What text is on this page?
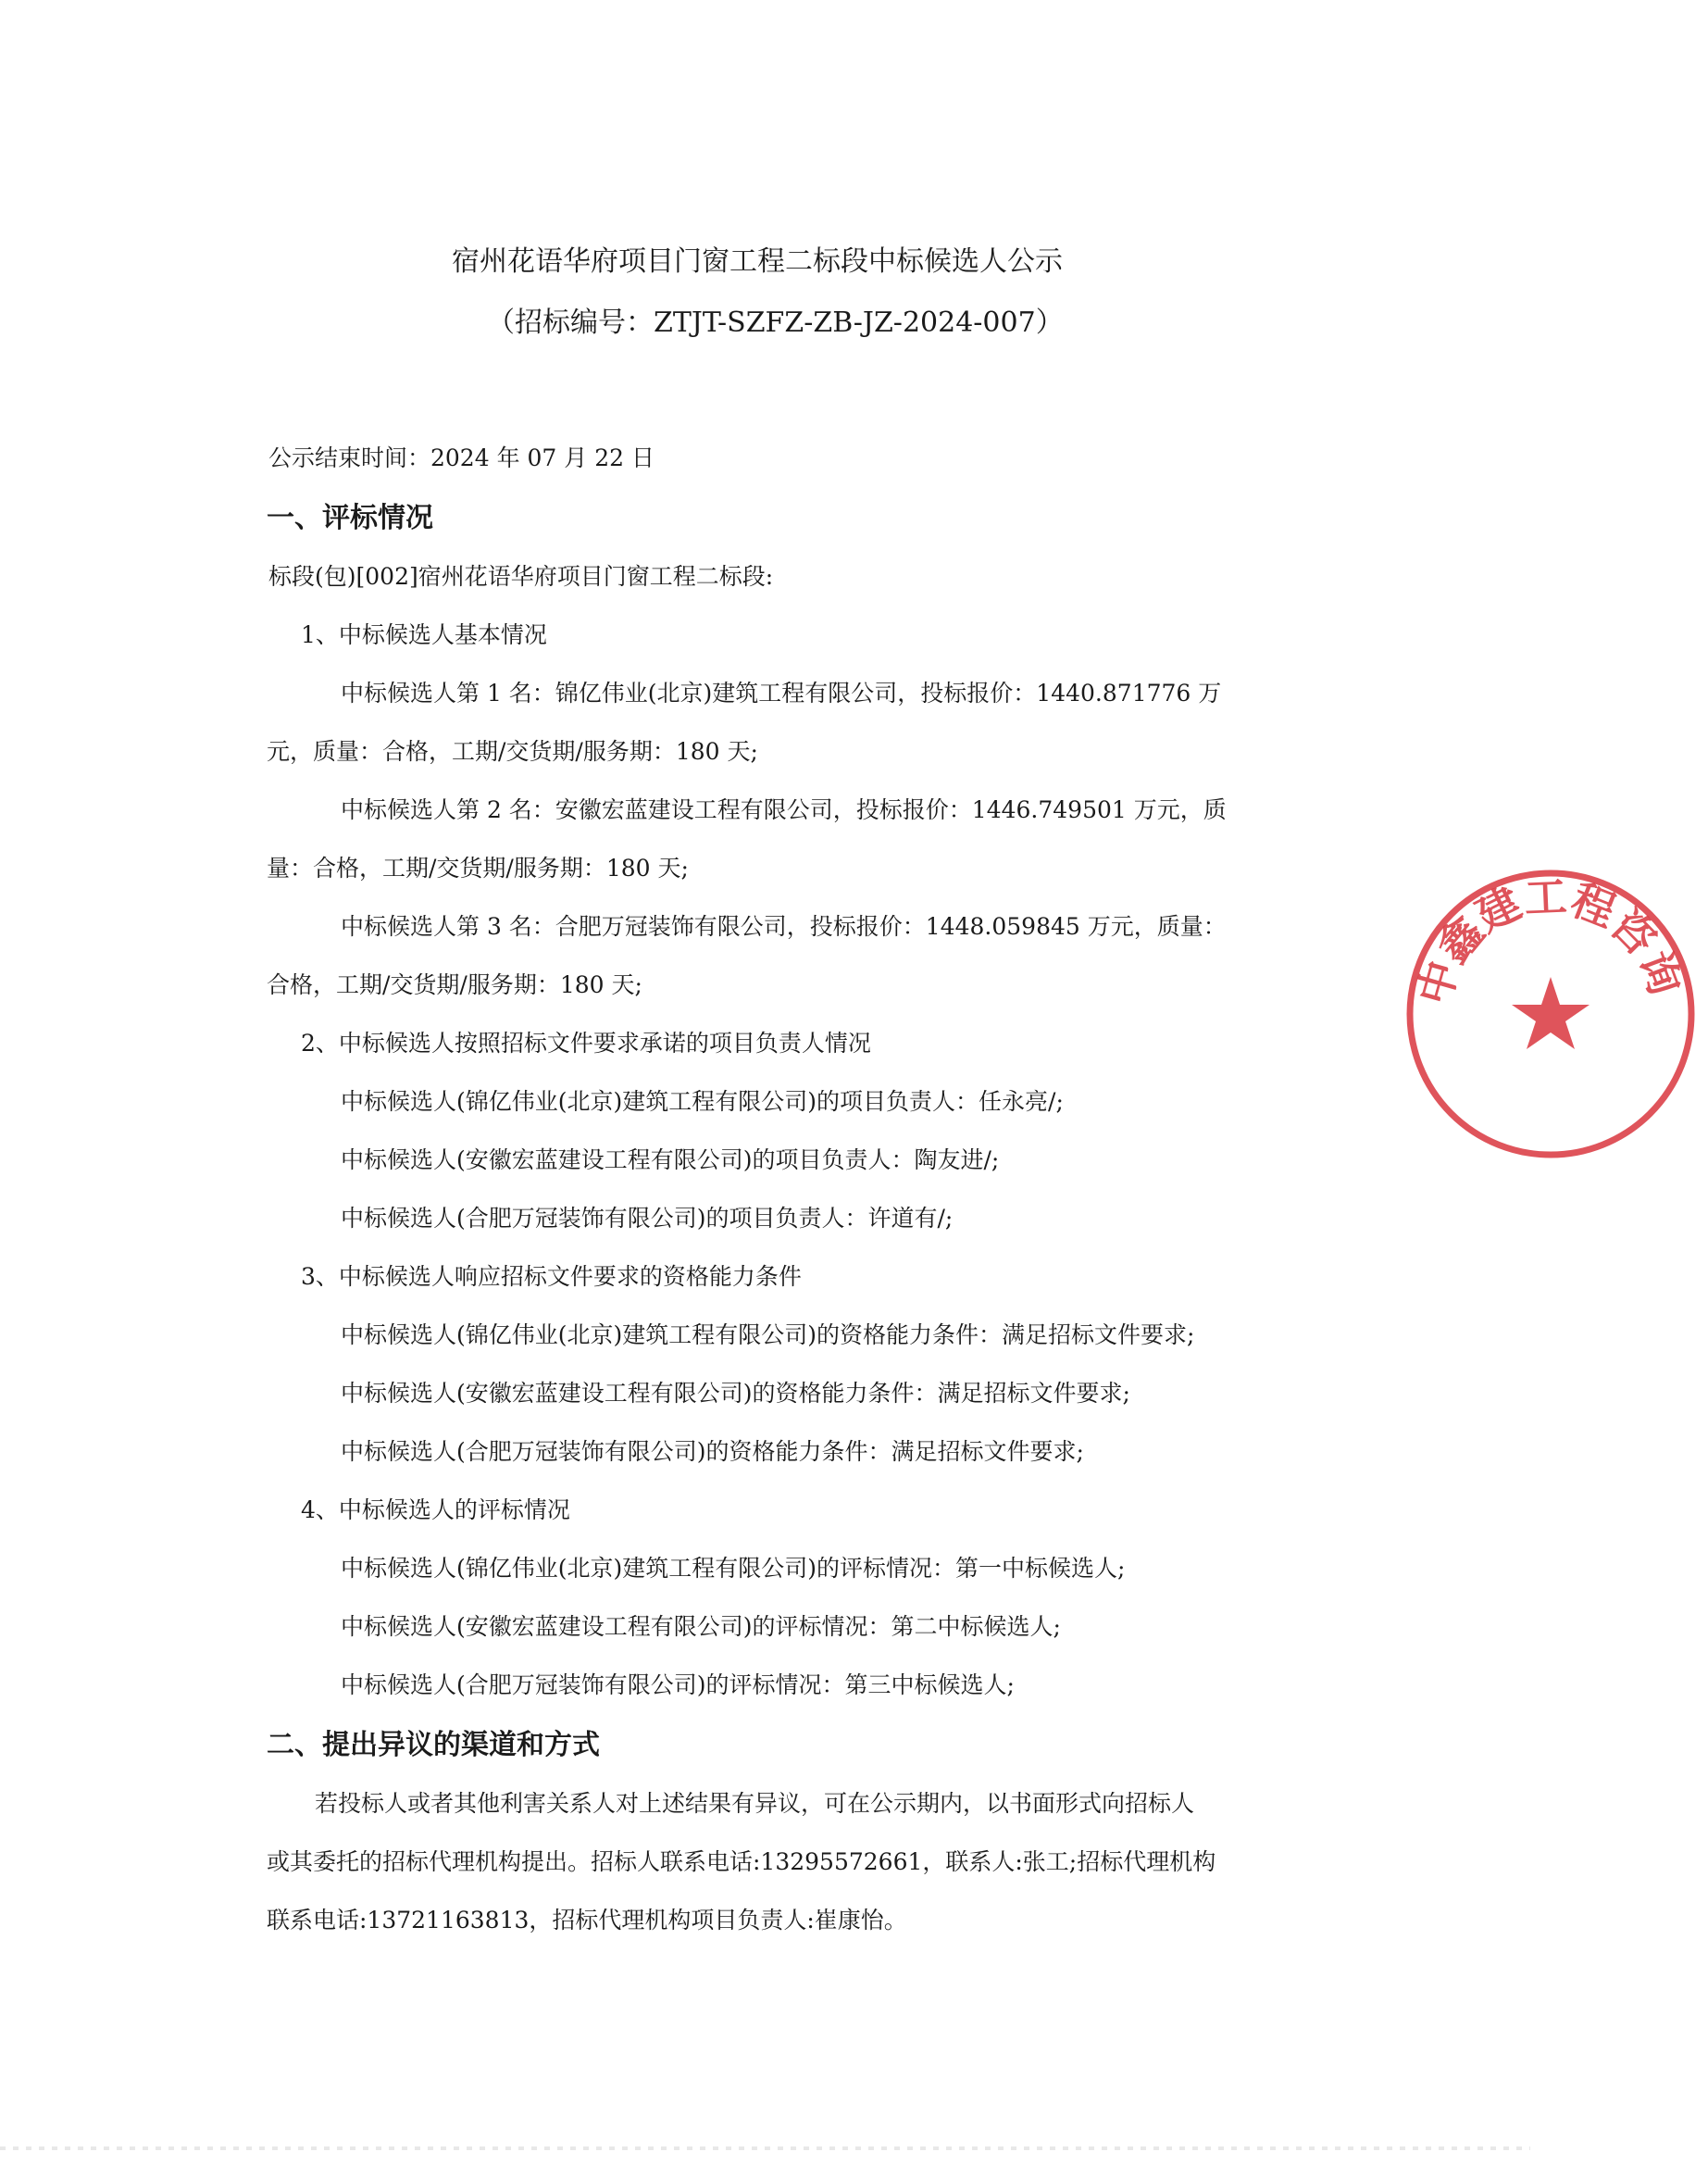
宿州花语华府项目门窗工程二标段中标候选人公示
（招标编号：ZTJT-SZFZ-ZB-JZ-2024-007）
公示结束时间：2024 年 07 月 22 日
一、评标情况
标段(包)[002]宿州花语华府项目门窗工程二标段:
1、中标候选人基本情况
中标候选人第 1 名：锦亿伟业(北京)建筑工程有限公司，投标报价：1440.871776 万
元，质量：合格，工期/交货期/服务期：180 天;
中标候选人第 2 名：安徽宏蓝建设工程有限公司，投标报价：1446.749501 万元，质
量：合格，工期/交货期/服务期：180 天;
中标候选人第 3 名：合肥万冠装饰有限公司，投标报价：1448.059845 万元，质量：
合格，工期/交货期/服务期：180 天;
2、中标候选人按照招标文件要求承诺的项目负责人情况
中标候选人(锦亿伟业(北京)建筑工程有限公司)的项目负责人：任永亮/;
中标候选人(安徽宏蓝建设工程有限公司)的项目负责人：陶友进/;
中标候选人(合肥万冠装饰有限公司)的项目负责人：许道有/;
3、中标候选人响应招标文件要求的资格能力条件
中标候选人(锦亿伟业(北京)建筑工程有限公司)的资格能力条件：满足招标文件要求;
中标候选人(安徽宏蓝建设工程有限公司)的资格能力条件：满足招标文件要求;
中标候选人(合肥万冠装饰有限公司)的资格能力条件：满足招标文件要求;
4、中标候选人的评标情况
中标候选人(锦亿伟业(北京)建筑工程有限公司)的评标情况：第一中标候选人;
中标候选人(安徽宏蓝建设工程有限公司)的评标情况：第二中标候选人;
中标候选人(合肥万冠装饰有限公司)的评标情况：第三中标候选人;
二、提出异议的渠道和方式
若投标人或者其他利害关系人对上述结果有异议，可在公示期内，以书面形式向招标人
或其委托的招标代理机构提出。招标人联系电话:13295572661，联系人:张工;招标代理机构
联系电话:13721163813，招标代理机构项目负责人:崔康怡。
中鑫建工程咨询
